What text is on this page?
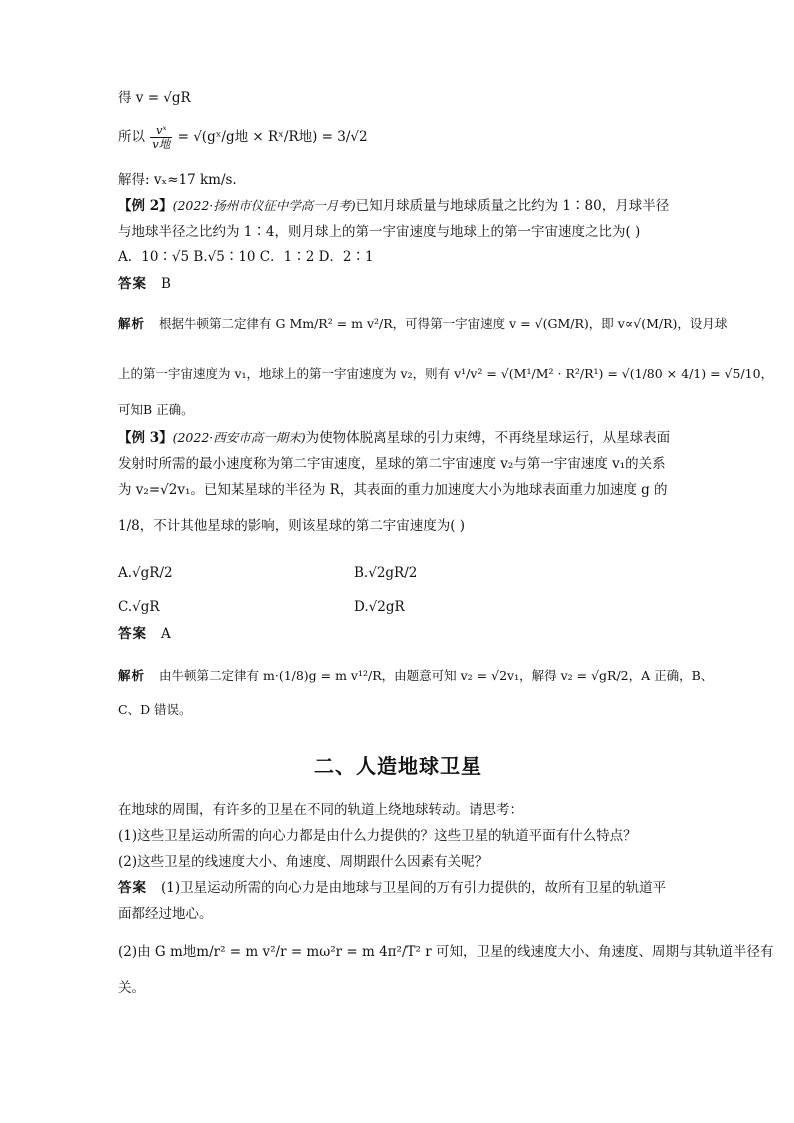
得 v = √gR
所以 $\frac{\text{vˣ}}{\text{v地}}$ = √(gˣ/g地 × Rˣ/R地) = 3/√2
解得: vₓ≈17 km/s.
【例 2】(2022·扬州市仪征中学高一月考)已知月球质量与地球质量之比约为 1∶80，月球半径
与地球半径之比约为 1∶4，则月球上的第一宇宙速度与地球上的第一宇宙速度之比为( )
A．10∶√5 B.√5∶10 C．1∶2 D．2∶1
答案 B
解析 根据牛顿第二定律有 G Mm/R² = m v²/R，可得第一宇宙速度 v = √(GM/R)，即 v∝√(M/R)，设月球
上的第一宇宙速度为 v₁，地球上的第一宇宙速度为 v₂，则有 v¹/v² = √(M¹/M² · R²/R¹) = √(1/80 × 4/1) = √5/10，
可知B 正确。
【例 3】(2022·西安市高一期末)为使物体脱离星球的引力束缚，不再绕星球运行，从星球表面
发射时所需的最小速度称为第二宇宙速度，星球的第二宇宙速度 v₂与第一宇宙速度 v₁的关系
为 v₂=√2v₁。已知某星球的半径为 R，其表面的重力加速度大小为地球表面重力加速度 g 的
1/8，不计其他星球的影响，则该星球的第二宇宙速度为( )
A.√gR/2	B.√2gR/2
C.√gR	D.√2gR
答案 A
解析 由牛顿第二定律有 m·(1/8)g = m v¹²/R，由题意可知 v₂ = √2v₁，解得 v₂ = √gR/2，A 正确，B、
C、D 错误。
二、人造地球卫星
在地球的周围，有许多的卫星在不同的轨道上绕地球转动。请思考：
(1)这些卫星运动所需的向心力都是由什么力提供的？这些卫星的轨道平面有什么特点？
(2)这些卫星的线速度大小、角速度、周期跟什么因素有关呢？
答案 (1)卫星运动所需的向心力是由地球与卫星间的万有引力提供的，故所有卫星的轨道平
面都经过地心。
(2)由 G m地m/r² = m v²/r = mω²r = m 4π²/T² r 可知，卫星的线速度大小、角速度、周期与其轨道半径有
关。
